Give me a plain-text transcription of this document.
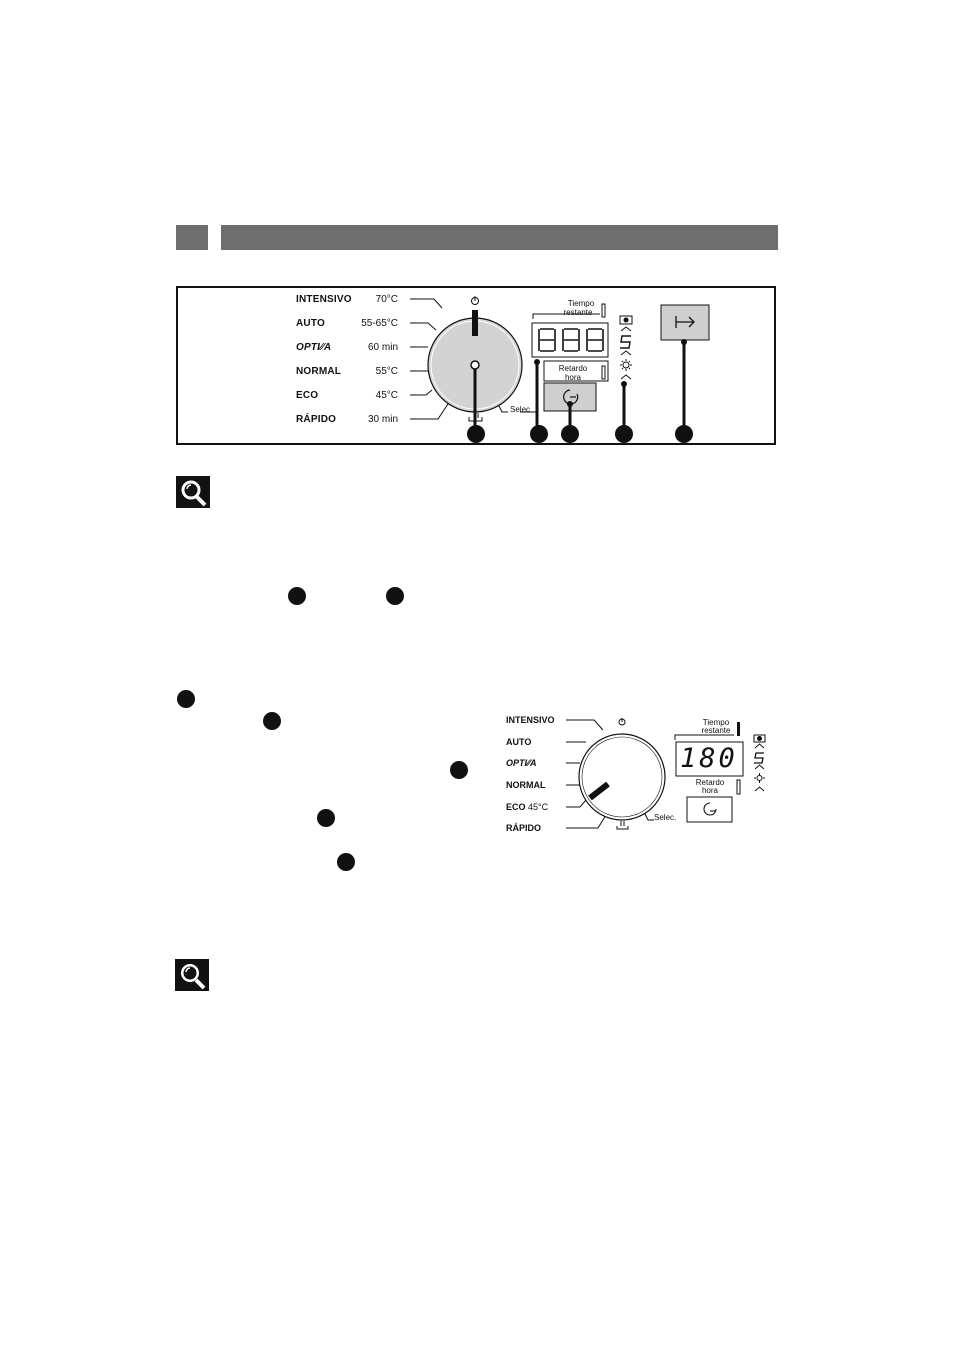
INTENSIVO
AUTO
OPTI⁄⁄A
NORMAL
ECO
RÁPIDO
70°C
55-65°C
60 min
55°C
45°C
30 min
Tiempo
restante
Retardo
hora
Selec
INTENSIVO
AUTO
OPTI⁄⁄A
NORMAL
ECO 45°C
RÁPIDO
180
Tiempo
restante
Retardo
hora
Selec.
